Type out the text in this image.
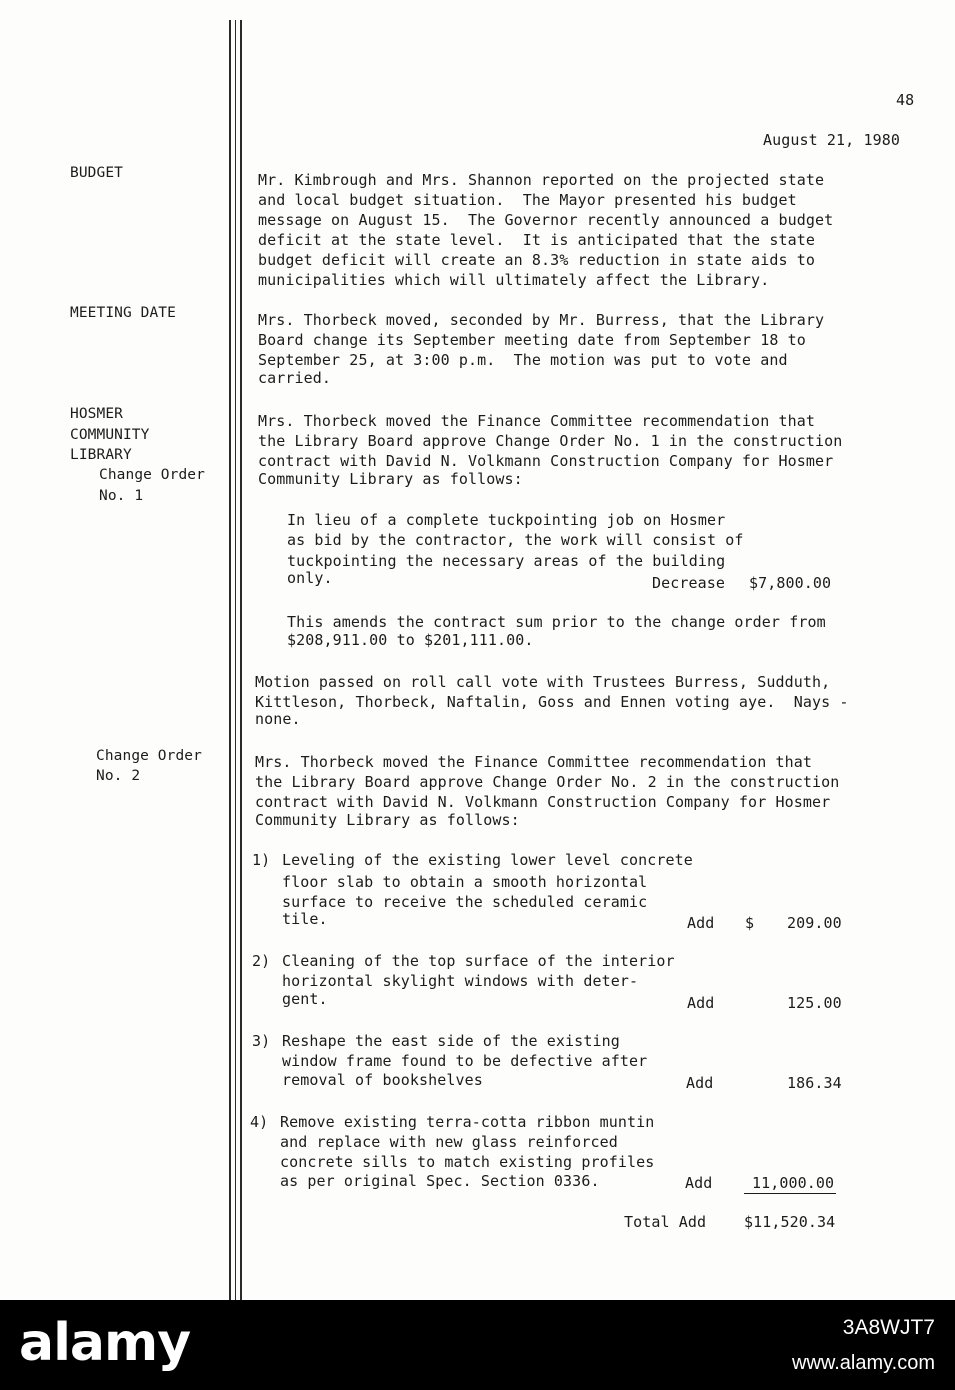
48
August 21, 1980
BUDGET
MEETING DATE
HOSMER
COMMUNITY
LIBRARY
Change Order
No. 1
Change Order
No. 2
Mr. Kimbrough and Mrs. Shannon reported on the projected state
and local budget situation.  The Mayor presented his budget
message on August 15.  The Governor recently announced a budget
deficit at the state level.  It is anticipated that the state
budget deficit will create an 8.3% reduction in state aids to
municipalities which will ultimately affect the Library.
Mrs. Thorbeck moved, seconded by Mr. Burress, that the Library
Board change its September meeting date from September 18 to
September 25, at 3:00 p.m.  The motion was put to vote and
carried.
Mrs. Thorbeck moved the Finance Committee recommendation that
the Library Board approve Change Order No. 1 in the construction
contract with David N. Volkmann Construction Company for Hosmer
Community Library as follows:
In lieu of a complete tuckpointing job on Hosmer
as bid by the contractor, the work will consist of
tuckpointing the necessary areas of the building
only.	Decrease $7,800.00
This amends the contract sum prior to the change order from
$208,911.00 to $201,111.00.
Motion passed on roll call vote with Trustees Burress, Sudduth,
Kittleson, Thorbeck, Naftalin, Goss and Ennen voting aye.  Nays -
none.
Mrs. Thorbeck moved the Finance Committee recommendation that
the Library Board approve Change Order No. 2 in the construction
contract with David N. Volkmann Construction Company for Hosmer
Community Library as follows:
1) Leveling of the existing lower level concrete
floor slab to obtain a smooth horizontal
surface to receive the scheduled ceramic
tile.	Add $ 209.00
2) Cleaning of the top surface of the interior
horizontal skylight windows with deter-
gent.	Add	125.00
3) Reshape the east side of the existing
window frame found to be defective after
removal of bookshelves	Add	186.34
4) Remove existing terra-cotta ribbon muntin
and replace with new glass reinforced
concrete sills to match existing profiles
as per original Spec. Section 0336.	Add	11,000.00
Total Add	$11,520.34
alamy	3A8WJT7
www.alamy.com
